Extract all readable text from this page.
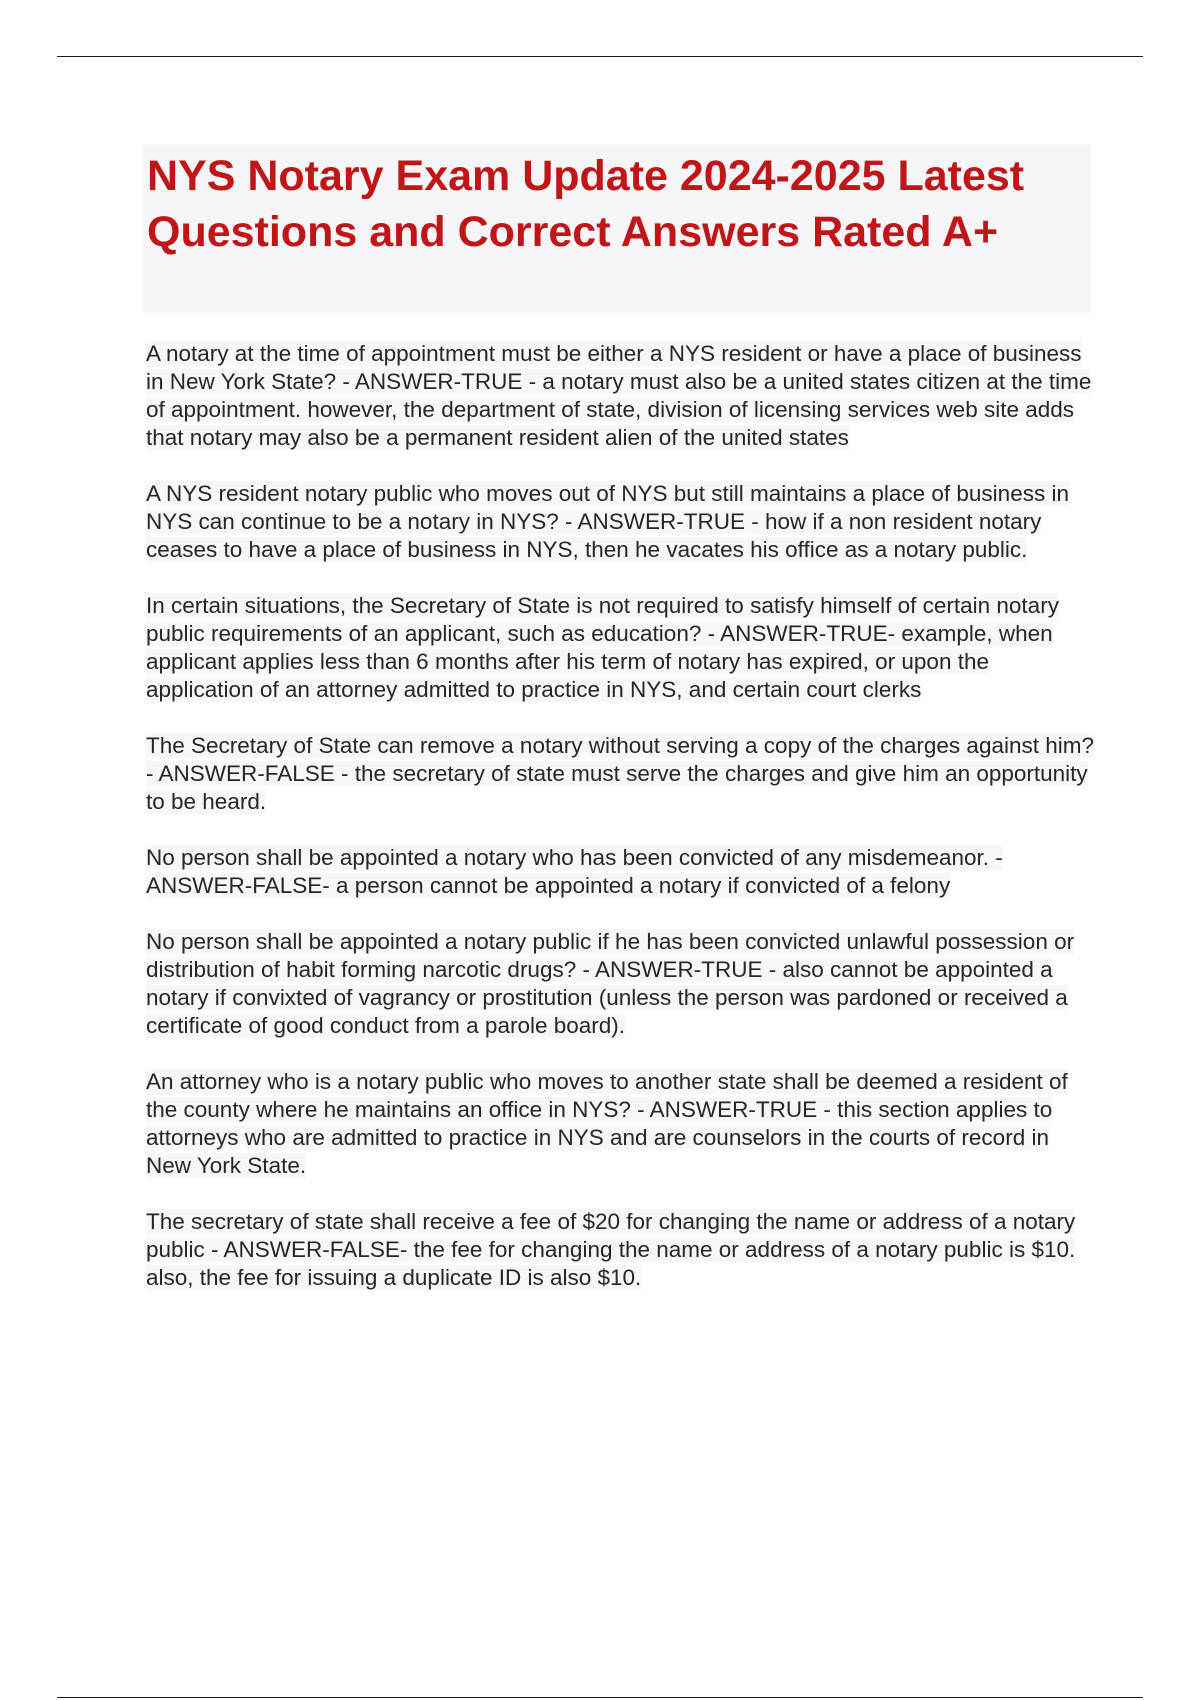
NYS Notary Exam Update 2024-2025 Latest Questions and Correct Answers Rated A+

A notary at the time of appointment must be either a NYS resident or have a place of business in New York State? - ANSWER-TRUE - a notary must also be a united states citizen at the time of appointment. however, the department of state, division of licensing services web site adds that notary may also be a permanent resident alien of the united states

A NYS resident notary public who moves out of NYS but still maintains a place of business in NYS can continue to be a notary in NYS? - ANSWER-TRUE - how if a non resident notary ceases to have a place of business in NYS, then he vacates his office as a notary public.

In certain situations, the Secretary of State is not required to satisfy himself of certain notary public requirements of an applicant, such as education? - ANSWER-TRUE- example, when applicant applies less than 6 months after his term of notary has expired, or upon the application of an attorney admitted to practice in NYS, and certain court clerks

The Secretary of State can remove a notary without serving a copy of the charges against him? - ANSWER-FALSE - the secretary of state must serve the charges and give him an opportunity to be heard.

No person shall be appointed a notary who has been convicted of any misdemeanor. - ANSWER-FALSE- a person cannot be appointed a notary if convicted of a felony

No person shall be appointed a notary public if he has been convicted unlawful possession or distribution of habit forming narcotic drugs? - ANSWER-TRUE - also cannot be appointed a notary if convixted of vagrancy or prostitution (unless the person was pardoned or received a certificate of good conduct from a parole board).

An attorney who is a notary public who moves to another state shall be deemed a resident of the county where he maintains an office in NYS? - ANSWER-TRUE - this section applies to attorneys who are admitted to practice in NYS and are counselors in the courts of record in New York State.

The secretary of state shall receive a fee of $20 for changing the name or address of a notary public - ANSWER-FALSE- the fee for changing the name or address of a notary public is $10. also, the fee for issuing a duplicate ID is also $10.
